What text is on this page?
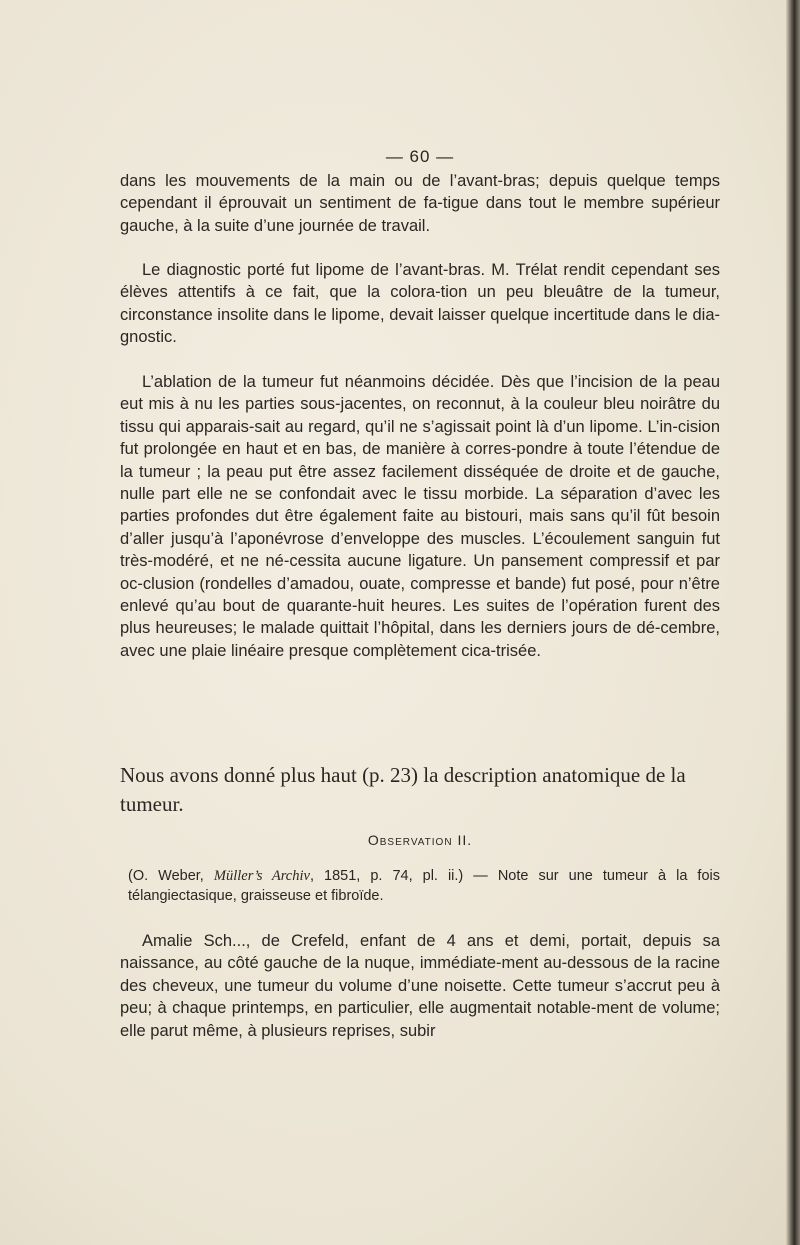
— 60 —
dans les mouvements de la main ou de l’avant-bras; depuis quelque temps cependant il éprouvait un sentiment de fa-tigue dans tout le membre supérieur gauche, à la suite d’une journée de travail.
Le diagnostic porté fut lipome de l’avant-bras. M. Trélat rendit cependant ses élèves attentifs à ce fait, que la colora-tion un peu bleuâtre de la tumeur, circonstance insolite dans le lipome, devait laisser quelque incertitude dans le dia-gnostic.
L’ablation de la tumeur fut néanmoins décidée. Dès que l’incision de la peau eut mis à nu les parties sous-jacentes, on reconnut, à la couleur bleu noirâtre du tissu qui apparais-sait au regard, qu’il ne s’agissait point là d’un lipome. L’in-cision fut prolongée en haut et en bas, de manière à corres-pondre à toute l’étendue de la tumeur ; la peau put être assez facilement disséquée de droite et de gauche, nulle part elle ne se confondait avec le tissu morbide. La séparation d’avec les parties profondes dut être également faite au bistouri, mais sans qu’il fût besoin d’aller jusqu’à l’aponévrose d’enveloppe des muscles. L’écoulement sanguin fut très-modéré, et ne né-cessita aucune ligature. Un pansement compressif et par oc-clusion (rondelles d’amadou, ouate, compresse et bande) fut posé, pour n’être enlevé qu’au bout de quarante-huit heures. Les suites de l’opération furent des plus heureuses; le malade quittait l’hôpital, dans les derniers jours de dé-cembre, avec une plaie linéaire presque complètement cica-trisée.
Nous avons donné plus haut (p. 23) la description anatomique de la tumeur.
Observation II.
(O. Weber, Müller’s Archiv, 1851, p. 74, pl. ii.) — Note sur une tumeur à la fois télangiectasique, graisseuse et fibroïde.
Amalie Sch..., de Crefeld, enfant de 4 ans et demi, portait, depuis sa naissance, au côté gauche de la nuque, immédiate-ment au-dessous de la racine des cheveux, une tumeur du volume d’une noisette. Cette tumeur s’accrut peu à peu; à chaque printemps, en particulier, elle augmentait notable-ment de volume; elle parut même, à plusieurs reprises, subir
